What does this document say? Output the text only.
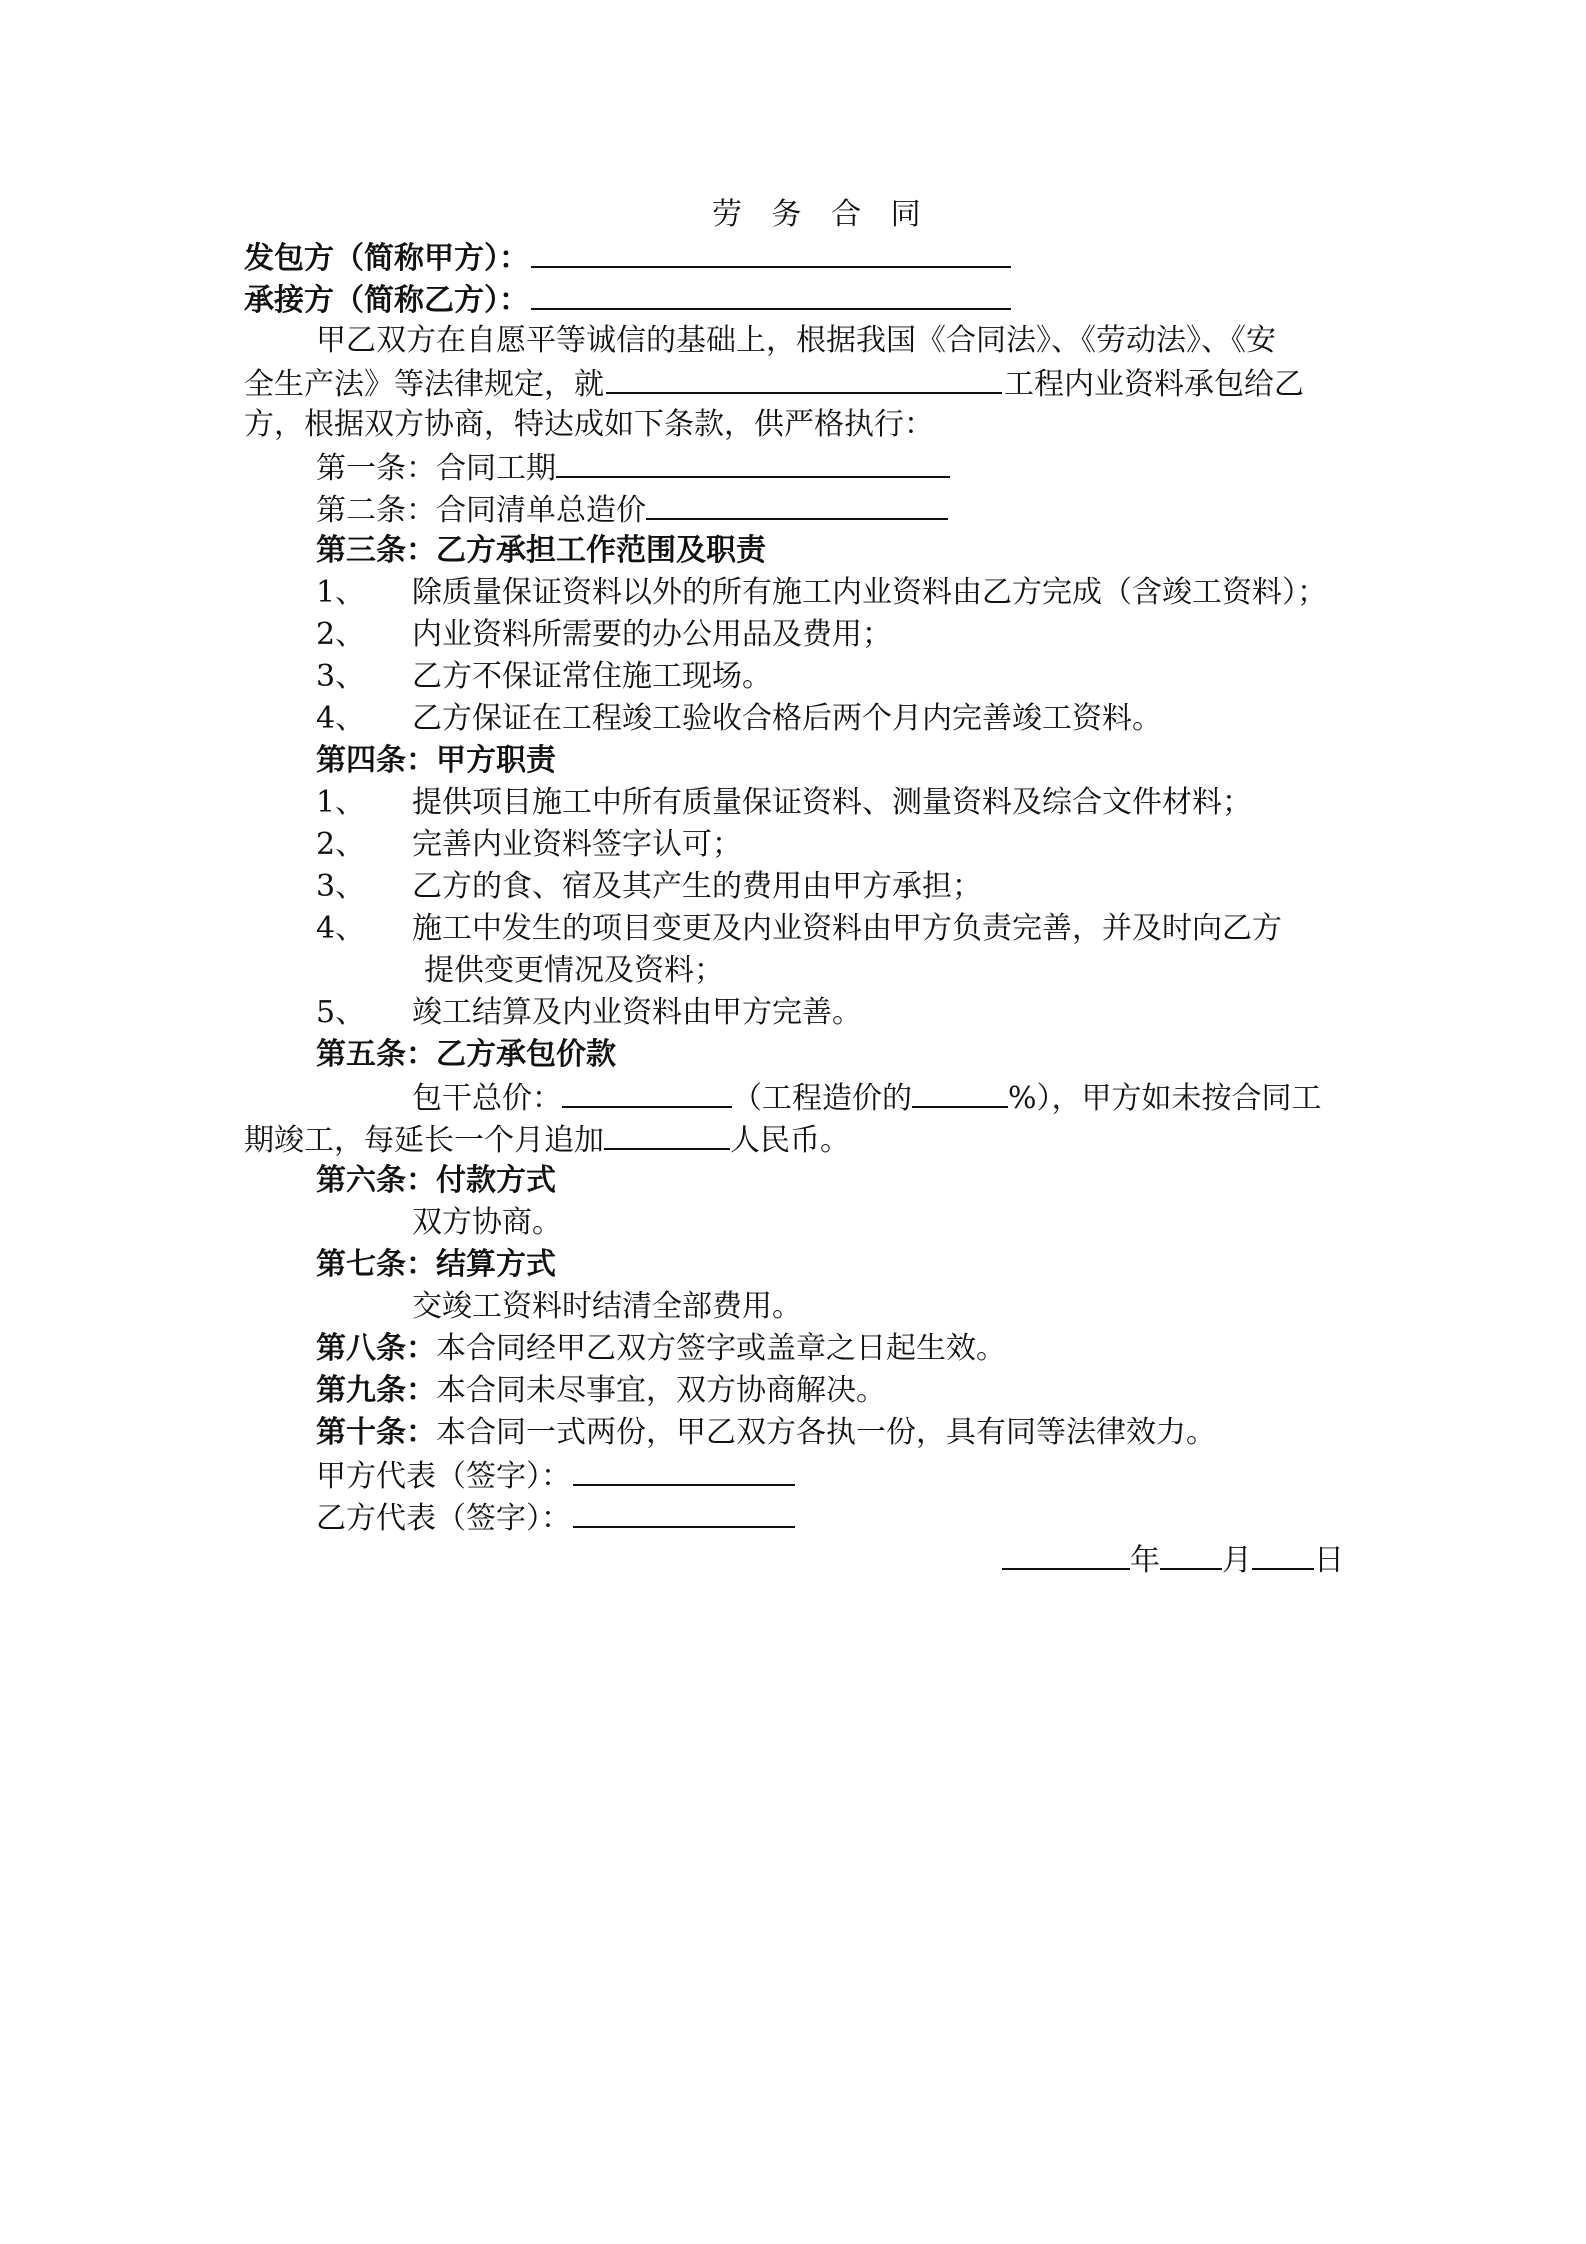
劳 务 合 同
发包方（简称甲方）：
承接方（简称乙方）：
甲乙双方在自愿平等诚信的基础上，根据我国《合同法》、《劳动法》、《安
全生产法》等法律规定，就	工程内业资料承包给乙
方，根据双方协商，特达成如下条款，供严格执行：
第一条：合同工期
第二条：合同清单总造价
第三条：乙方承担工作范围及职责
1、 除质量保证资料以外的所有施工内业资料由乙方完成（含竣工资料）；
2、 内业资料所需要的办公用品及费用；
3、 乙方不保证常住施工现场。
4、 乙方保证在工程竣工验收合格后两个月内完善竣工资料。
第四条：甲方职责
1、 提供项目施工中所有质量保证资料、测量资料及综合文件材料；
2、 完善内业资料签字认可；
3、 乙方的食、宿及其产生的费用由甲方承担；
4、 施工中发生的项目变更及内业资料由甲方负责完善，并及时向乙方
提供变更情况及资料；
5、 竣工结算及内业资料由甲方完善。
第五条：乙方承包价款
包干总价：	（工程造价的	%），甲方如未按合同工
期竣工，每延长一个月追加	人民币。
第六条：付款方式
双方协商。
第七条：结算方式
交竣工资料时结清全部费用。
第八条：本合同经甲乙双方签字或盖章之日起生效。
第九条：本合同未尽事宜，双方协商解决。
第十条：本合同一式两份，甲乙双方各执一份，具有同等法律效力。
甲方代表（签字）：
乙方代表（签字）：
年 月 日
